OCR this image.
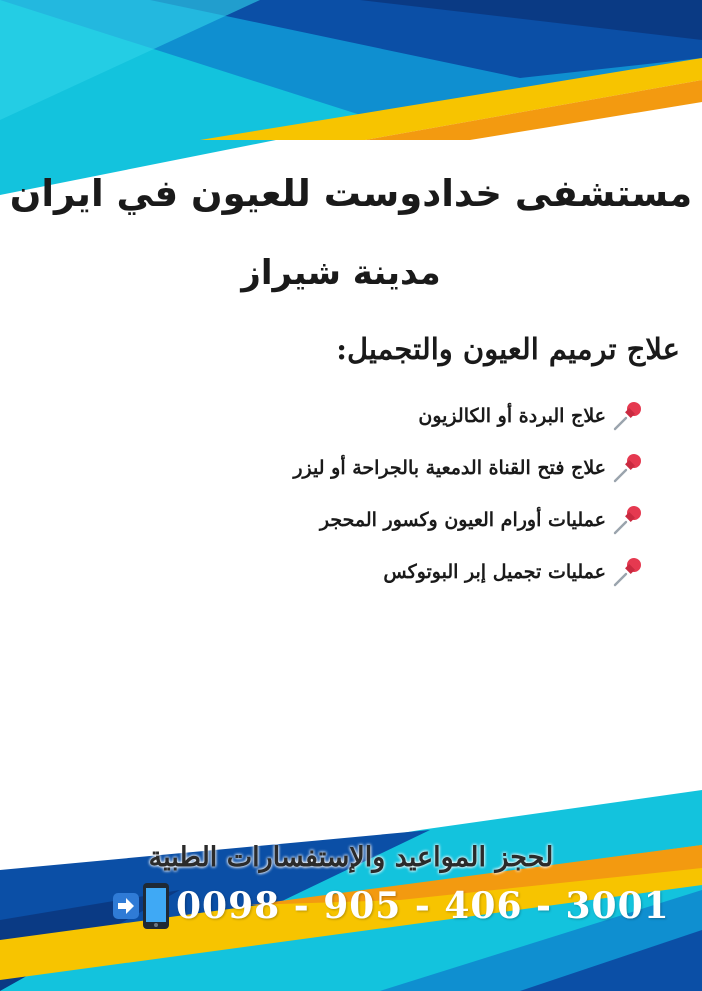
مستشفى خدادوست للعيون في ايران
مدينة شيراز
علاج ترميم العيون والتجميل:
علاج البردة أو الكالزيون
علاج فتح القناة الدمعية بالجراحة أو ليزر
عمليات أورام العيون وكسور المحجر
عمليات تجميل إبر البوتوكس
لحجز المواعيد والإستفسارات الطبية
0098 - 905 - 406 - 3001
